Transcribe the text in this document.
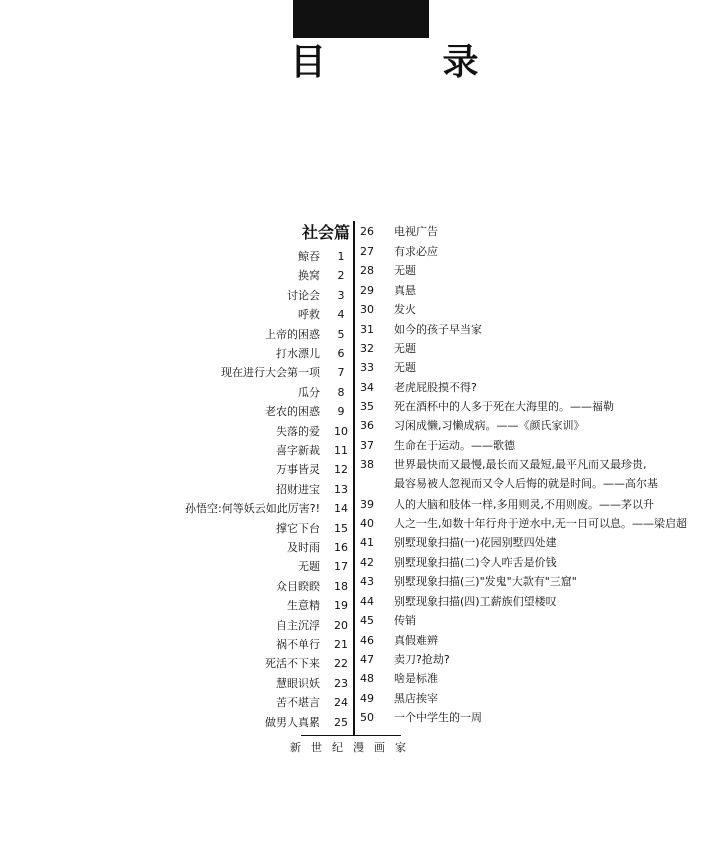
目 录
社会篇
鲸吞	1
换窝	2
讨论会	3
呼救	4
上帝的困惑	5
打水漂儿	6
现在进行大会第一项	7
瓜分	8
老农的困惑	9
失落的爱 10
喜字新裁 11
万事皆灵 12
招财进宝 13
孙悟空:何等妖云如此厉害?! 14
撑它下台 15
及时雨 16
无题 17
众目睽睽 18
生意精 19
自主沉浮 20
祸不单行 21
死活不下来 22
慧眼识妖 23
苦不堪言 24
做男人真累 25
26	电视广告
27	有求必应
28	无题
29	真悬
30	发火
31	如今的孩子早当家
32	无题
33	无题
34	老虎屁股摸不得?
35	死在酒杯中的人多于死在大海里的。——福勒
36	习闲成懒,习懒成病。——《颜氏家训》
37	生命在于运动。——歌德
38	世界最快而又最慢,最长而又最短,最平凡而又最珍贵,
最容易被人忽视而又令人后悔的就是时间。——高尔基
39	人的大脑和肢体一样,多用则灵,不用则废。——茅以升
40	人之一生,如数十年行舟于逆水中,无一日可以息。——梁启超
41	别墅现象扫描(一)花园别墅四处建
42	别墅现象扫描(二)令人咋舌是价钱
43	别墅现象扫描(三)"发鬼"大款有"三窟"
44	别墅现象扫描(四)工薪族们望楼叹
45	传销
46	真假难辨
47	卖刀?抢劫?
48	啥是标准
49	黑店挨宰
50	一个中学生的一周
新世纪漫画家
